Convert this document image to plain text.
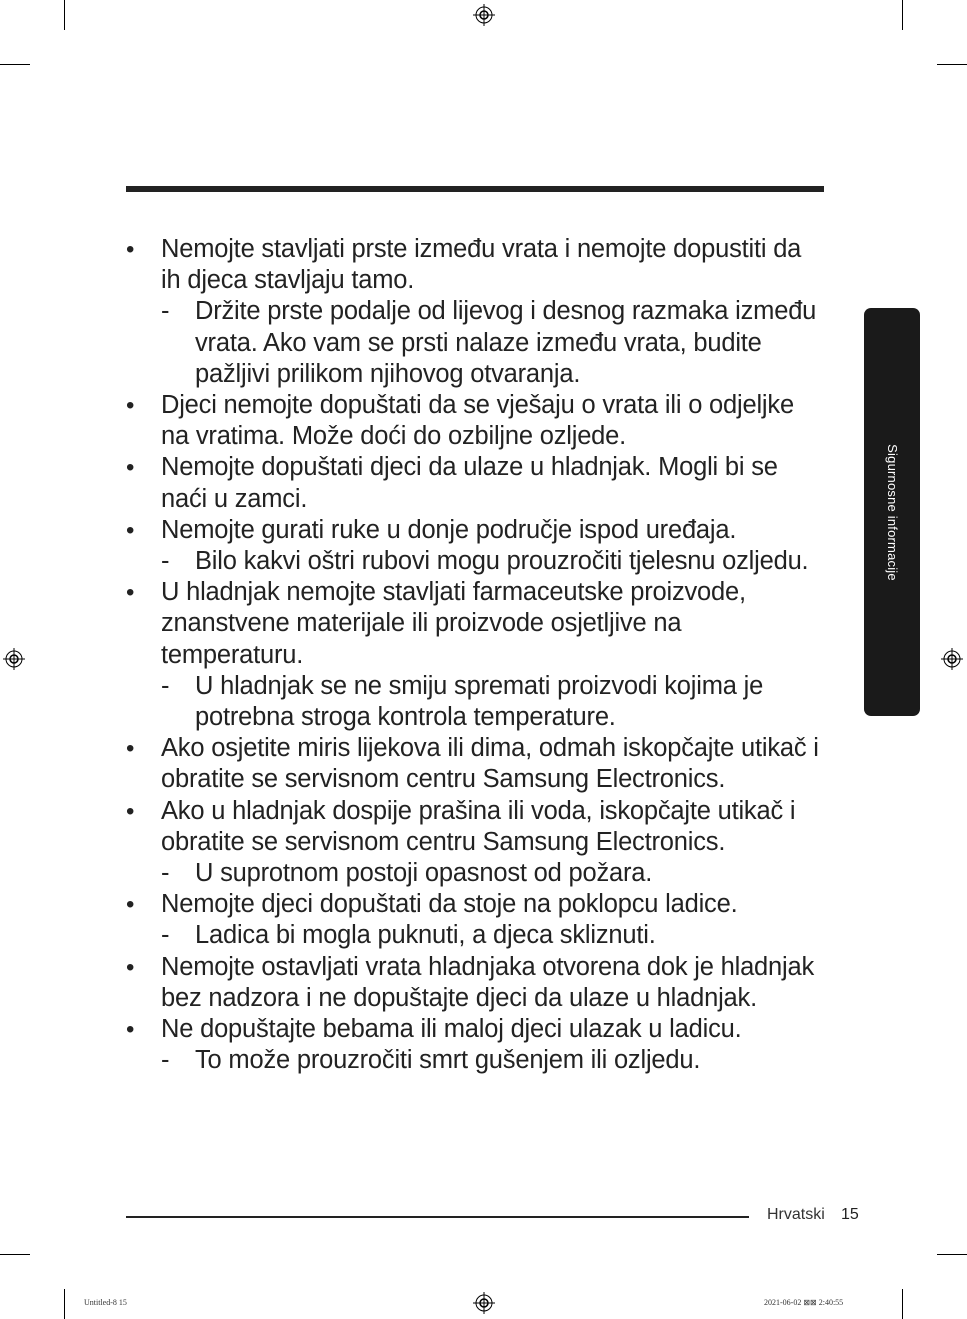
Sigurnosne informacije
•	Nemojte stavljati prste između vrata i nemojte dopustiti da ih djeca stavljaju tamo.
- Držite prste podalje od lijevog i desnog razmaka između vrata. Ako vam se prsti nalaze između vrata, budite pažljivi prilikom njihovog otvaranja.
•	Djeci nemojte dopuštati da se vješaju o vrata ili o odjeljke na vratima. Može doći do ozbiljne ozljede.
•	Nemojte dopuštati djeci da ulaze u hladnjak. Mogli bi se naći u zamci.
•	Nemojte gurati ruke u donje područje ispod uređaja.
- Bilo kakvi oštri rubovi mogu prouzročiti tjelesnu ozljedu.
•	U hladnjak nemojte stavljati farmaceutske proizvode, znanstvene materijale ili proizvode osjetljive na temperaturu.
- U hladnjak se ne smiju spremati proizvodi kojima je potrebna stroga kontrola temperature.
•	Ako osjetite miris lijekova ili dima, odmah iskopčajte utikač i obratite se servisnom centru Samsung Electronics.
•	Ako u hladnjak dospije prašina ili voda, iskopčajte utikač i obratite se servisnom centru Samsung Electronics.
- U suprotnom postoji opasnost od požara.
•	Nemojte djeci dopuštati da stoje na poklopcu ladice.
- Ladica bi mogla puknuti, a djeca skliznuti.
•	Nemojte ostavljati vrata hladnjaka otvorena dok je hladnjak bez nadzora i ne dopuštajte djeci da ulaze u hladnjak.
•	Ne dopuštajte bebama ili maloj djeci ulazak u ladicu.
- To može prouzročiti smrt gušenjem ili ozljedu.
Hrvatski 15
Untitled-8 15	2021-06-02 ⊠⊠ 2:40:55
